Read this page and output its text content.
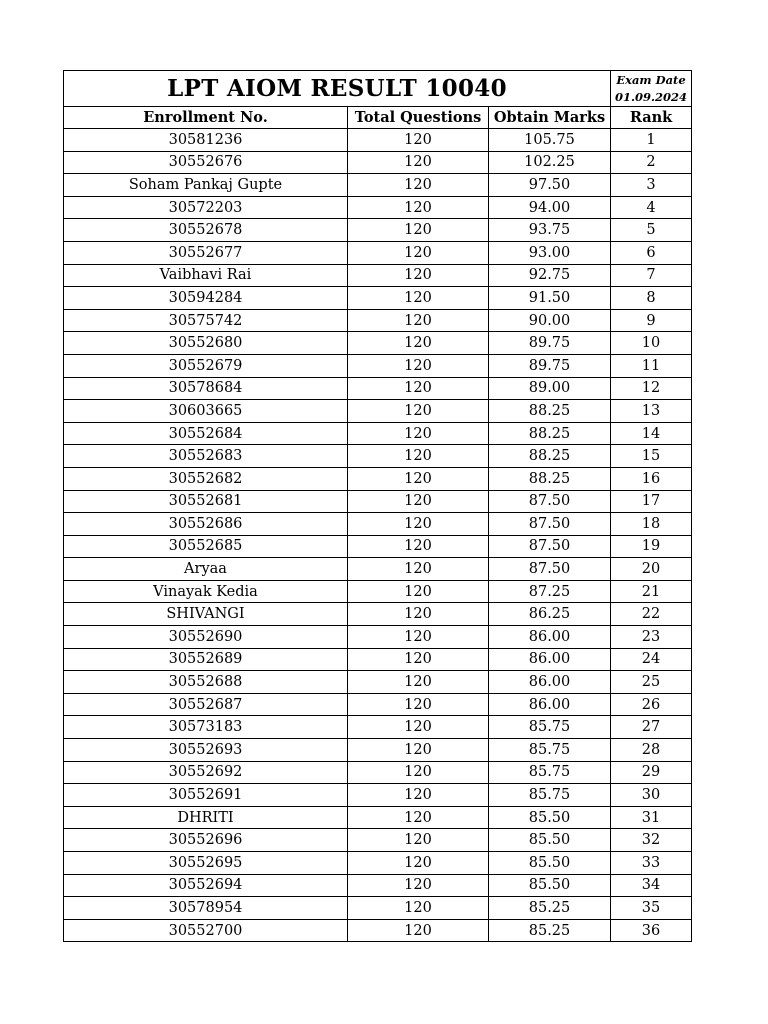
LPT AIOM RESULT 10040			Exam Date
01.09.2024

Enrollment No.	Total Questions	Obtain Marks	Rank
30581236	120	105.75	1
30552676	120	102.25	2
Soham Pankaj Gupte	120	97.50	3
30572203	120	94.00	4
30552678	120	93.75	5
30552677	120	93.00	6
Vaibhavi Rai	120	92.75	7
30594284	120	91.50	8
30575742	120	90.00	9
30552680	120	89.75	10
30552679	120	89.75	11
30578684	120	89.00	12
30603665	120	88.25	13
30552684	120	88.25	14
30552683	120	88.25	15
30552682	120	88.25	16
30552681	120	87.50	17
30552686	120	87.50	18
30552685	120	87.50	19
Aryaa	120	87.50	20
Vinayak Kedia	120	87.25	21
SHIVANGI	120	86.25	22
30552690	120	86.00	23
30552689	120	86.00	24
30552688	120	86.00	25
30552687	120	86.00	26
30573183	120	85.75	27
30552693	120	85.75	28
30552692	120	85.75	29
30552691	120	85.75	30
DHRITI	120	85.50	31
30552696	120	85.50	32
30552695	120	85.50	33
30552694	120	85.50	34
30578954	120	85.25	35
30552700	120	85.25	36
